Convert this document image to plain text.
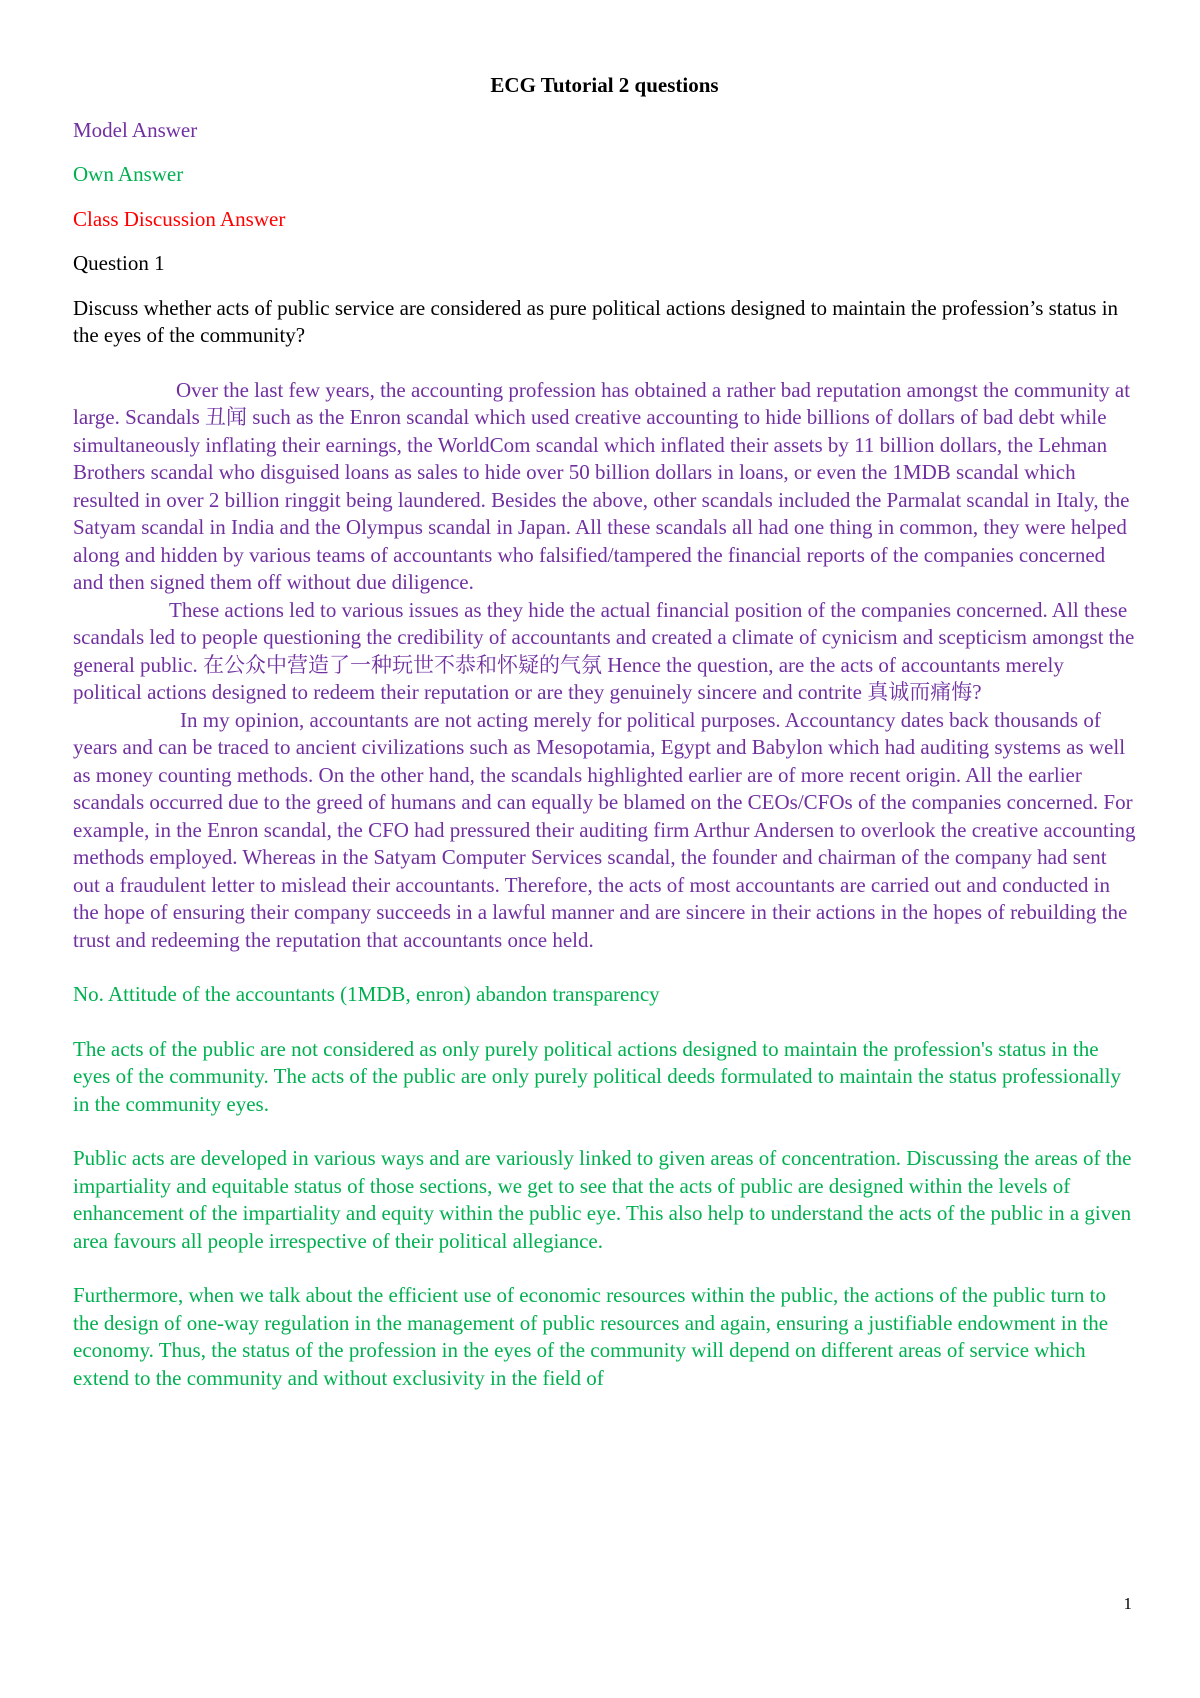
ECG Tutorial 2 questions

Model Answer

Own Answer

Class Discussion Answer

Question 1

Discuss whether acts of public service are considered as pure political actions designed to maintain the profession’s status in the eyes of the community?

Over the last few years, the accounting profession has obtained a rather bad reputation amongst the community at large. Scandals 丑闻 such as the Enron scandal which used creative accounting to hide billions of dollars of bad debt while simultaneously inflating their earnings, the WorldCom scandal which inflated their assets by 11 billion dollars, the Lehman Brothers scandal who disguised loans as sales to hide over 50 billion dollars in loans, or even the 1MDB scandal which resulted in over 2 billion ringgit being laundered. Besides the above, other scandals included the Parmalat scandal in Italy, the Satyam scandal in India and the Olympus scandal in Japan. All these scandals all had one thing in common, they were helped along and hidden by various teams of accountants who falsified/tampered the financial reports of the companies concerned and then signed them off without due diligence.

These actions led to various issues as they hide the actual financial position of the companies concerned. All these scandals led to people questioning the credibility of accountants and created a climate of cynicism and scepticism amongst the general public. 在公众中营造了一种玩世不恭和怀疑的气氛 Hence the question, are the acts of accountants merely political actions designed to redeem their reputation or are they genuinely sincere and contrite 真诚而痛悔?

In my opinion, accountants are not acting merely for political purposes. Accountancy dates back thousands of years and can be traced to ancient civilizations such as Mesopotamia, Egypt and Babylon which had auditing systems as well as money counting methods. On the other hand, the scandals highlighted earlier are of more recent origin. All the earlier scandals occurred due to the greed of humans and can equally be blamed on the CEOs/CFOs of the companies concerned. For example, in the Enron scandal, the CFO had pressured their auditing firm Arthur Andersen to overlook the creative accounting methods employed. Whereas in the Satyam Computer Services scandal, the founder and chairman of the company had sent out a fraudulent letter to mislead their accountants. Therefore, the acts of most accountants are carried out and conducted in the hope of ensuring their company succeeds in a lawful manner and are sincere in their actions in the hopes of rebuilding the trust and redeeming the reputation that accountants once held.

No. Attitude of the accountants (1MDB, enron) abandon transparency

The acts of the public are not considered as only purely political actions designed to maintain the profession's status in the eyes of the community. The acts of the public are only purely political deeds formulated to maintain the status professionally in the community eyes.

Public acts are developed in various ways and are variously linked to given areas of concentration. Discussing the areas of the impartiality and equitable status of those sections, we get to see that the acts of public are designed within the levels of enhancement of the impartiality and equity within the public eye. This also help to understand the acts of the public in a given area favours all people irrespective of their political allegiance.

Furthermore, when we talk about the efficient use of economic resources within the public, the actions of the public turn to the design of one-way regulation in the management of public resources and again, ensuring a justifiable endowment in the economy. Thus, the status of the profession in the eyes of the community will depend on different areas of service which extend to the community and without exclusivity in the field of

1
